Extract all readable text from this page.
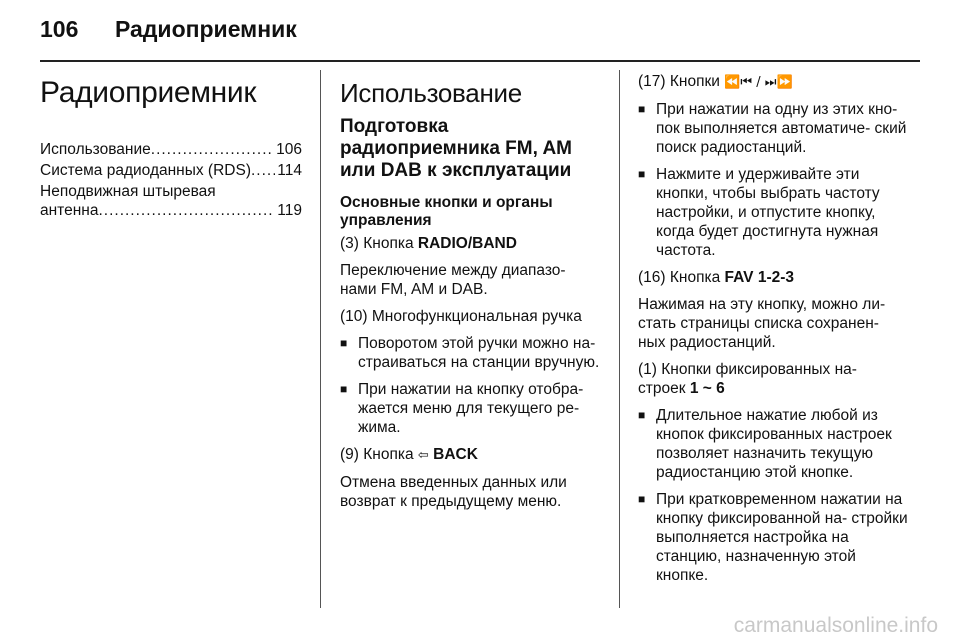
106	Радиоприемник
Радиоприемник
Использование .....	106
Система радиоданных (RDS) ..... 114
Неподвижная штыревая
антенна .....	119
Использование
Подготовка радиоприемника FM, AM или DAB к эксплуатации
Основные кнопки и органы управления

(3) Кнопка RADIO/BAND

Переключение между диапазо- нами FM, AM и DAB.

(10) Многофункциональная ручка

■ Поворотом этой ручки можно на- страиваться на станции вручную.
■ При нажатии на кнопку отобра- жается меню для текущего ре- жима.

(9) Кнопка ⇦ BACK

Отмена введенных данных или возврат к предыдущему меню.

(17) Кнопки ⏪⏮ / ⏭⏩

■ При нажатии на одну из этих кно- пок выполняется автоматиче- ский поиск радиостанций.
■ Нажмите и удерживайте эти кнопки, чтобы выбрать частоту настройки, и отпустите кнопку, когда будет достигнута нужная частота.

(16) Кнопка FAV 1-2-3

Нажимая на эту кнопку, можно ли- стать страницы списка сохранен- ных радиостанций.

(1) Кнопки фиксированных на- строек 1 ~ 6

■ Длительное нажатие любой из кнопок фиксированных настроек позволяет назначить текущую радиостанцию этой кнопке.
■ При кратковременном нажатии на кнопку фиксированной на- стройки выполняется настройка на станцию, назначенную этой кнопке.
carmanualsonline.info
